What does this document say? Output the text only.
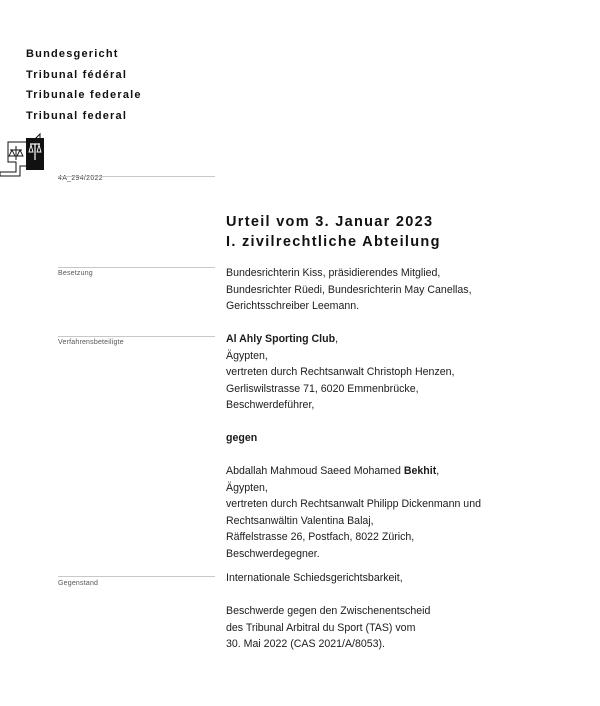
Bundesgericht
Tribunal fédéral
Tribunale federale
Tribunal federal
4A_294/2022
Urteil vom 3. Januar 2023
I. zivilrechtliche Abteilung
Besetzung	Bundesrichterin Kiss, präsidierendes Mitglied,
Bundesrichter Rüedi, Bundesrichterin May Canellas,
Gerichtsschreiber Leemann.
Verfahrensbeteiligte	Al Ahly Sporting Club,
Ägypten,
vertreten durch Rechtsanwalt Christoph Henzen,
Gerliswilstrasse 71, 6020 Emmenbrücke,
Beschwerdeführer,
gegen
Abdallah Mahmoud Saeed Mohamed Bekhit,
Ägypten,
vertreten durch Rechtsanwalt Philipp Dickenmann und
Rechtsanwältin Valentina Balaj,
Räffelstrasse 26, Postfach, 8022 Zürich,
Beschwerdegegner.
Gegenstand	Internationale Schiedsgerichtsbarkeit,
Beschwerde gegen den Zwischenentscheid
des Tribunal Arbitral du Sport (TAS) vom
30. Mai 2022 (CAS 2021/A/8053).
